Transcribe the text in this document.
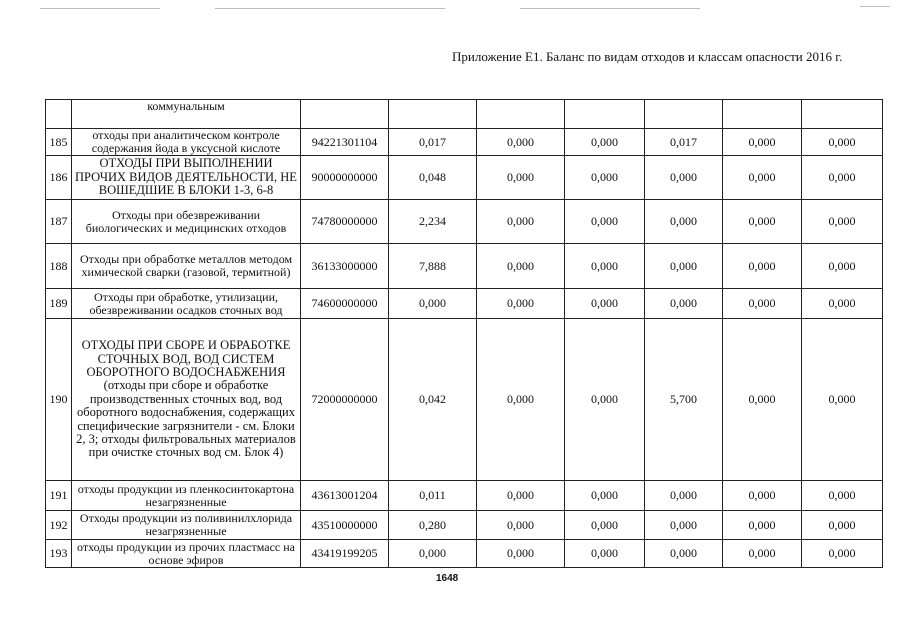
Приложение Е1. Баланс по видам отходов и классам опасности 2016 г.
	коммунальным							
185	отходы при аналитическом контроле содержания йода в уксусной кислоте	94221301104	0,017	0,000	0,000	0,017	0,000	0,000
186	ОТХОДЫ ПРИ ВЫПОЛНЕНИИ ПРОЧИХ ВИДОВ ДЕЯТЕЛЬНОСТИ, НЕ ВОШЕДШИЕ В БЛОКИ 1-3, 6-8	90000000000	0,048	0,000	0,000	0,000	0,000	0,000
187	Отходы при обезвреживании биологических и медицинских отходов	74780000000	2,234	0,000	0,000	0,000	0,000	0,000
188	Отходы при обработке металлов методом химической сварки (газовой, термитной)	36133000000	7,888	0,000	0,000	0,000	0,000	0,000
189	Отходы при обработке, утилизации, обезвреживании осадков сточных вод	74600000000	0,000	0,000	0,000	0,000	0,000	0,000
190	ОТХОДЫ ПРИ СБОРЕ И ОБРАБОТКЕ СТОЧНЫХ ВОД, ВОД СИСТЕМ ОБОРОТНОГО ВОДОСНАБЖЕНИЯ (отходы при сборе и обработке производственных сточных вод, вод оборотного водоснабжения, содержащих специфические загрязнители - см. Блоки 2, 3; отходы фильтровальных материалов при очистке сточных вод см. Блок 4)	72000000000	0,042	0,000	0,000	5,700	0,000	0,000
191	отходы продукции из пленкосинтокартона незагрязненные	43613001204	0,011	0,000	0,000	0,000	0,000	0,000
192	Отходы продукции из поливинилхлорида незагрязненные	43510000000	0,280	0,000	0,000	0,000	0,000	0,000
193	отходы продукции из прочих пластмасс на основе эфиров	43419199205	0,000	0,000	0,000	0,000	0,000	0,000
1648
